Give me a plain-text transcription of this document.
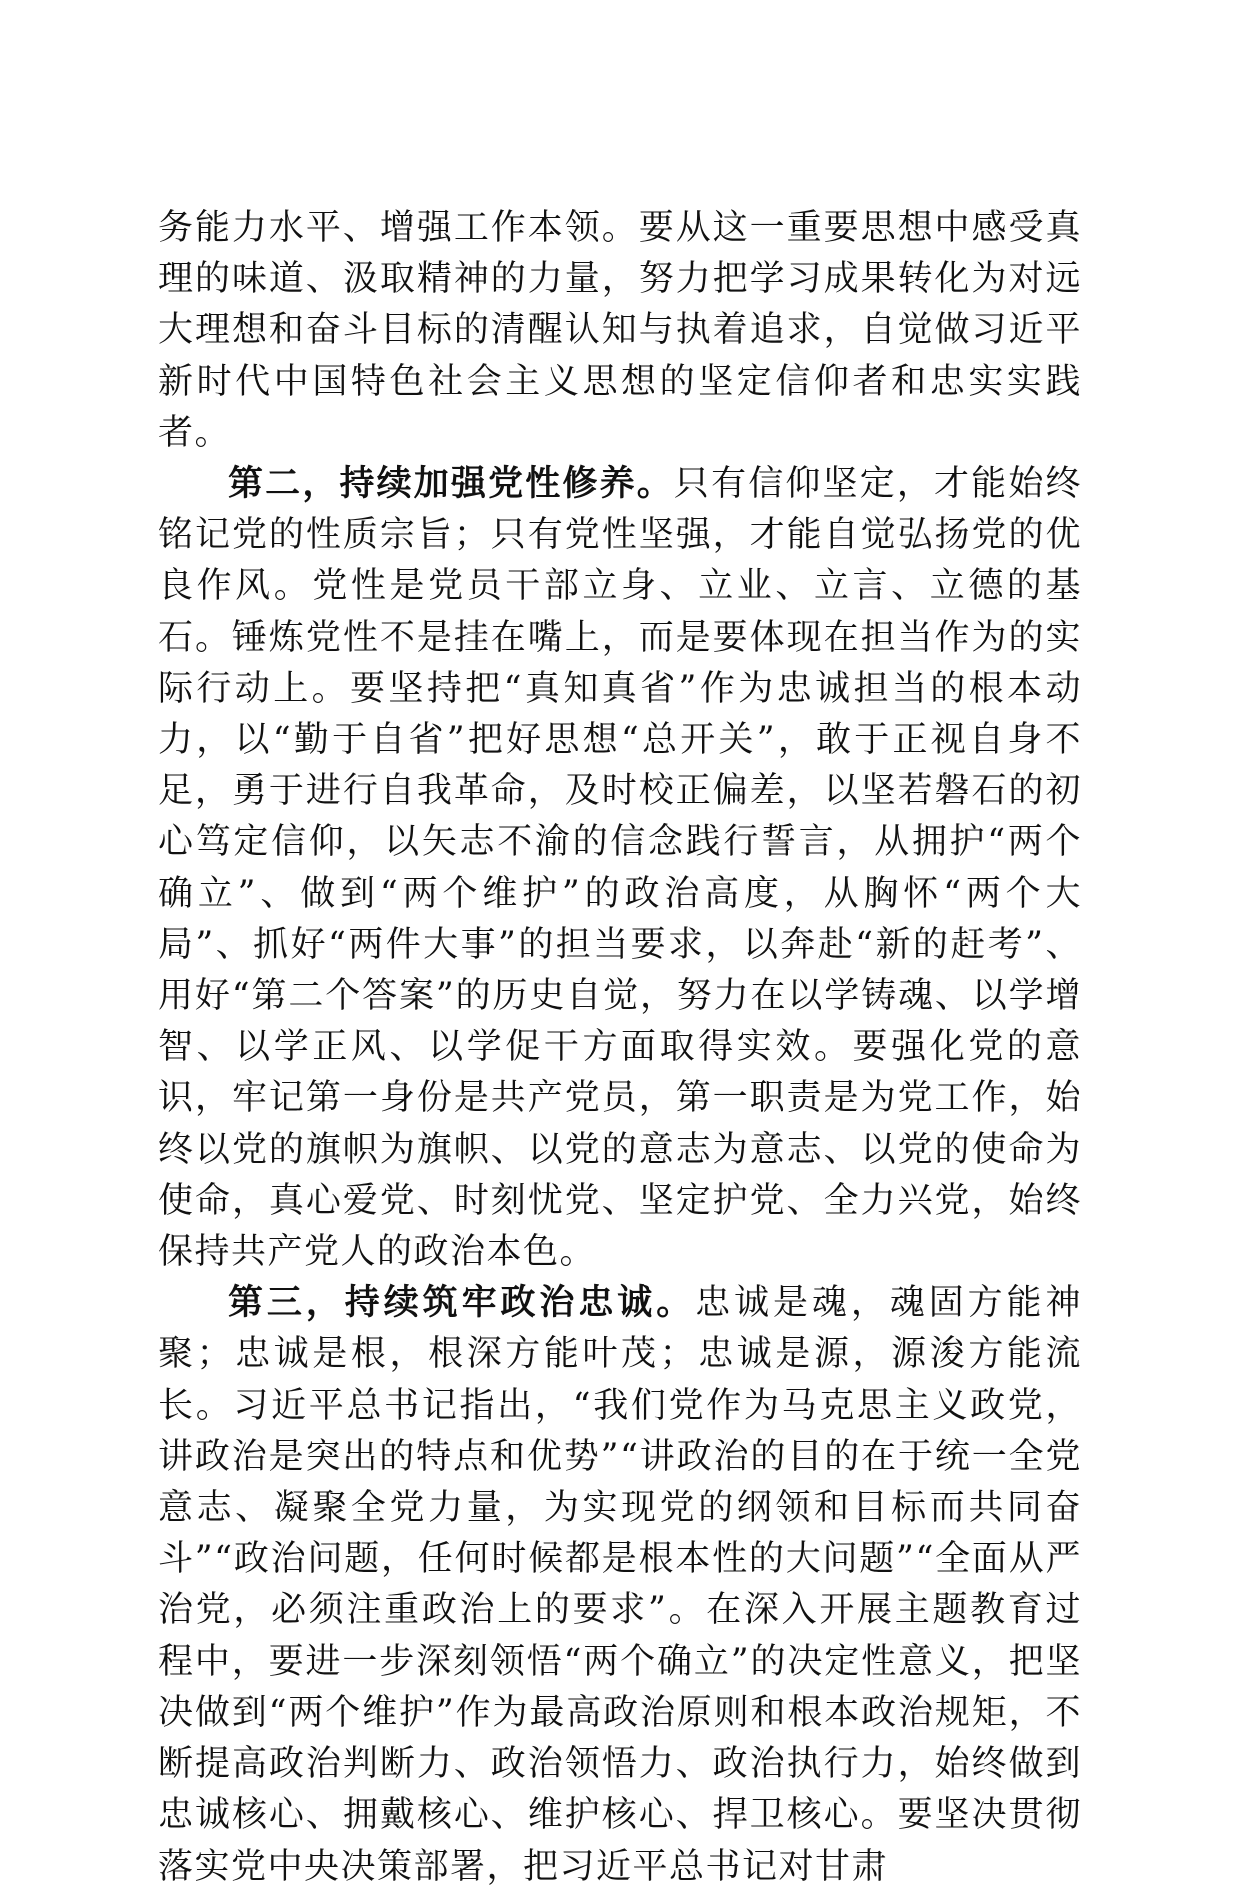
务能力水平、增强工作本领。要从这一重要思想中感受真理的味道、汲取精神的力量，努力把学习成果转化为对远大理想和奋斗目标的清醒认知与执着追求，自觉做习近平新时代中国特色社会主义思想的坚定信仰者和忠实实践者。

第二，持续加强党性修养。只有信仰坚定，才能始终铭记党的性质宗旨；只有党性坚强，才能自觉弘扬党的优良作风。党性是党员干部立身、立业、立言、立德的基石。锤炼党性不是挂在嘴上，而是要体现在担当作为的实际行动上。要坚持把“真知真省”作为忠诚担当的根本动力，以“勤于自省”把好思想“总开关”，敢于正视自身不足，勇于进行自我革命，及时校正偏差，以坚若磐石的初心笃定信仰，以矢志不渝的信念践行誓言，从拥护“两个确立”、做到“两个维护”的政治高度，从胸怀“两个大局”、抓好“两件大事”的担当要求，以奔赴“新的赶考”、用好“第二个答案”的历史自觉，努力在以学铸魂、以学增智、以学正风、以学促干方面取得实效。要强化党的意识，牢记第一身份是共产党员，第一职责是为党工作，始终以党的旗帜为旗帜、以党的意志为意志、以党的使命为使命，真心爱党、时刻忧党、坚定护党、全力兴党，始终保持共产党人的政治本色。

第三，持续筑牢政治忠诚。忠诚是魂，魂固方能神聚；忠诚是根，根深方能叶茂；忠诚是源，源浚方能流长。习近平总书记指出，“我们党作为马克思主义政党，讲政治是突出的特点和优势”“讲政治的目的在于统一全党意志、凝聚全党力量，为实现党的纲领和目标而共同奋斗”“政治问题，任何时候都是根本性的大问题”“全面从严治党，必须注重政治上的要求”。在深入开展主题教育过程中，要进一步深刻领悟“两个确立”的决定性意义，把坚决做到“两个维护”作为最高政治原则和根本政治规矩，不断提高政治判断力、政治领悟力、政治执行力，始终做到忠诚核心、拥戴核心、维护核心、捍卫核心。要坚决贯彻落实党中央决策部署，把习近平总书记对甘肃
